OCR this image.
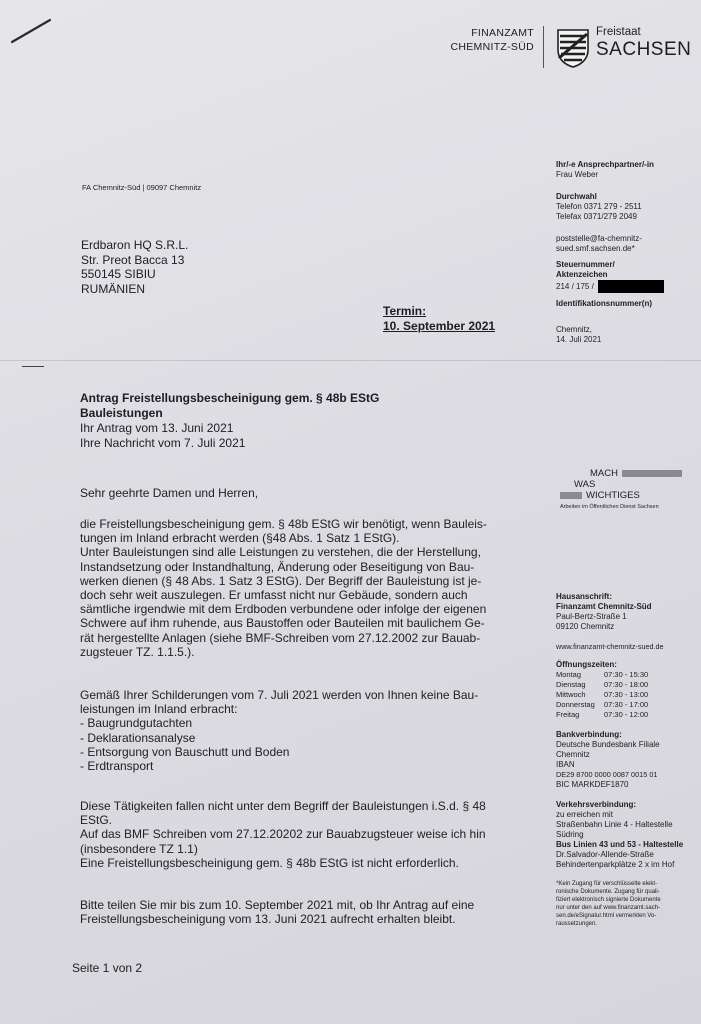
FINANZAMT
CHEMNITZ-SÜD
Freistaat
SACHSEN
FA Chemnitz-Süd | 09097 Chemnitz
Erdbaron HQ S.R.L.
Str. Preot Bacca 13
550145 SIBIU
RUMÄNIEN
Termin:
10. September 2021
Ihr/-e Ansprechpartner/-in
Frau Weber
Durchwahl
Telefon 0371 279 - 2511
Telefax 0371/279 2049
poststelle@fa-chemnitz-
sued.smf.sachsen.de*
Steuernummer/
Aktenzeichen
214 / 175 /
Identifikationsnummer(n)
Chemnitz,
14. Juli 2021
Antrag Freistellungsbescheinigung gem. § 48b EStG
Bauleistungen
Ihr Antrag vom 13. Juni 2021
Ihre Nachricht vom 7. Juli 2021
Sehr geehrte Damen und Herren,
die Freistellungsbescheinigung gem. § 48b EStG wir benötigt, wenn Bauleis-
tungen im Inland erbracht werden (§48 Abs. 1 Satz 1 EStG).
Unter Bauleistungen sind alle Leistungen zu verstehen, die der Herstellung,
Instandsetzung oder Instandhaltung, Änderung oder Beseitigung von Bau-
werken dienen (§ 48 Abs. 1 Satz 3 EStG). Der Begriff der Bauleistung ist je-
doch sehr weit auszulegen. Er umfasst nicht nur Gebäude, sondern auch
sämtliche irgendwie mit dem Erdboden verbundene oder infolge der eigenen
Schwere auf ihm ruhende, aus Baustoffen oder Bauteilen mit baulichem Ge-
rät hergestellte Anlagen (siehe BMF-Schreiben vom 27.12.2002 zur Bauab-
zugsteuer TZ. 1.1.5.).
Gemäß Ihrer Schilderungen vom 7. Juli 2021 werden von Ihnen keine Bau-
leistungen im Inland erbracht:
- Baugrundgutachten
- Deklarationsanalyse
- Entsorgung von Bauschutt und Boden
- Erdtransport
Diese Tätigkeiten fallen nicht unter dem Begriff der Bauleistungen i.S.d. § 48
EStG.
Auf das BMF Schreiben vom 27.12.20202 zur Bauabzugsteuer weise ich hin
(insbesondere TZ 1.1)
Eine Freistellungsbescheinigung gem. § 48b EStG ist nicht erforderlich.
Bitte teilen Sie mir bis zum 10. September 2021 mit, ob Ihr Antrag auf eine
Freistellungsbescheinigung vom 13. Juni 2021 aufrecht erhalten bleibt.
Seite 1 von 2
MACH
WAS
WICHTIGES
Arbeiten im Öffentlichen Dienst Sachsen
Hausanschrift:
Finanzamt Chemnitz-Süd
Paul-Bertz-Straße 1
09120 Chemnitz
www.finanzamt-chemnitz-sued.de
Öffnungszeiten:
Montag	07:30 - 15:30
Dienstag	07:30 - 18:00
Mittwoch	07:30 - 13:00
Donnerstag	07:30 - 17:00
Freitag	07:30 - 12:00
Bankverbindung:
Deutsche Bundesbank Filiale
Chemnitz
IBAN
DE29 8700 0000 0087 0015 01
BIC MARKDEF1870
Verkehrsverbindung:
zu erreichen mit
Straßenbahn Linie 4 - Haltestelle
Südring
Bus Linien 43 und 53 - Haltestelle
Dr.Salvador-Allende-Straße
Behindertenparkplätze 2 x im Hof
*Kein Zugang für verschlüsselte elekt-
ronische Dokumente. Zugang für quali-
fiziert elektronisch signierte Dokumente
nur unter den auf www.finanzamt.sach-
sen.de/eSignatur.html vermerkten Vo-
raussetzungen.
